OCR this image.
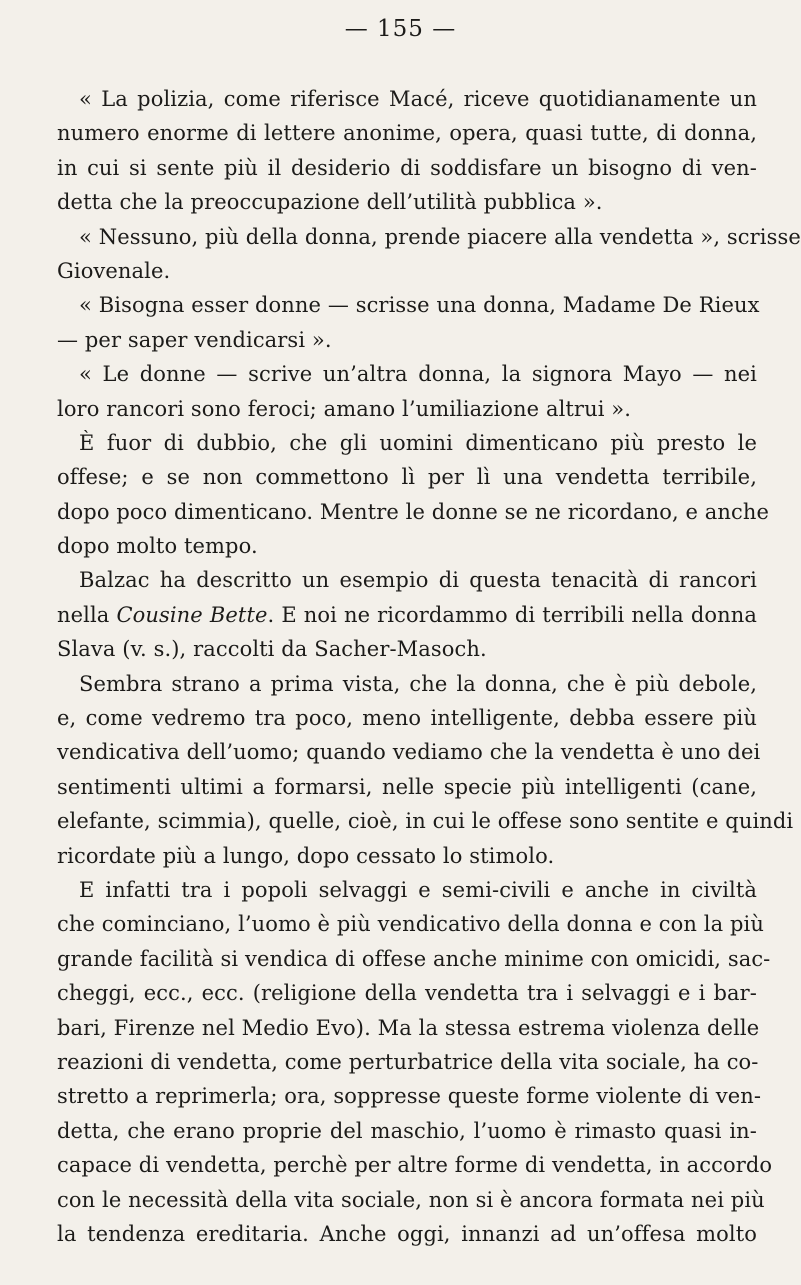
— 155 —
« La polizia, come riferisce Macé, riceve quotidianamente un
numero enorme di lettere anonime, opera, quasi tutte, di donna,
in cui si sente più il desiderio di soddisfare un bisogno di ven-
detta che la preoccupazione dell’utilità pubblica ».
« Nessuno, più della donna, prende piacere alla vendetta », scrisse
Giovenale.
« Bisogna esser donne — scrisse una donna, Madame De Rieux
— per saper vendicarsi ».
« Le donne — scrive un’altra donna, la signora Mayo — nei
loro rancori sono feroci; amano l’umiliazione altrui ».
È fuor di dubbio, che gli uomini dimenticano più presto le
offese; e se non commettono lì per lì una vendetta terribile,
dopo poco dimenticano. Mentre le donne se ne ricordano, e anche
dopo molto tempo.
Balzac ha descritto un esempio di questa tenacità di rancori
nella Cousine Bette. E noi ne ricordammo di terribili nella donna
Slava (v. s.), raccolti da Sacher-Masoch.
Sembra strano a prima vista, che la donna, che è più debole,
e, come vedremo tra poco, meno intelligente, debba essere più
vendicativa dell’uomo; quando vediamo che la vendetta è uno dei
sentimenti ultimi a formarsi, nelle specie più intelligenti (cane,
elefante, scimmia), quelle, cioè, in cui le offese sono sentite e quindi
ricordate più a lungo, dopo cessato lo stimolo.
E infatti tra i popoli selvaggi e semi-civili e anche in civiltà
che cominciano, l’uomo è più vendicativo della donna e con la più
grande facilità si vendica di offese anche minime con omicidi, sac-
cheggi, ecc., ecc. (religione della vendetta tra i selvaggi e i bar-
bari, Firenze nel Medio Evo). Ma la stessa estrema violenza delle
reazioni di vendetta, come perturbatrice della vita sociale, ha co-
stretto a reprimerla; ora, soppresse queste forme violente di ven-
detta, che erano proprie del maschio, l’uomo è rimasto quasi in-
capace di vendetta, perchè per altre forme di vendetta, in accordo
con le necessità della vita sociale, non si è ancora formata nei più
la tendenza ereditaria. Anche oggi, innanzi ad un’offesa molto
